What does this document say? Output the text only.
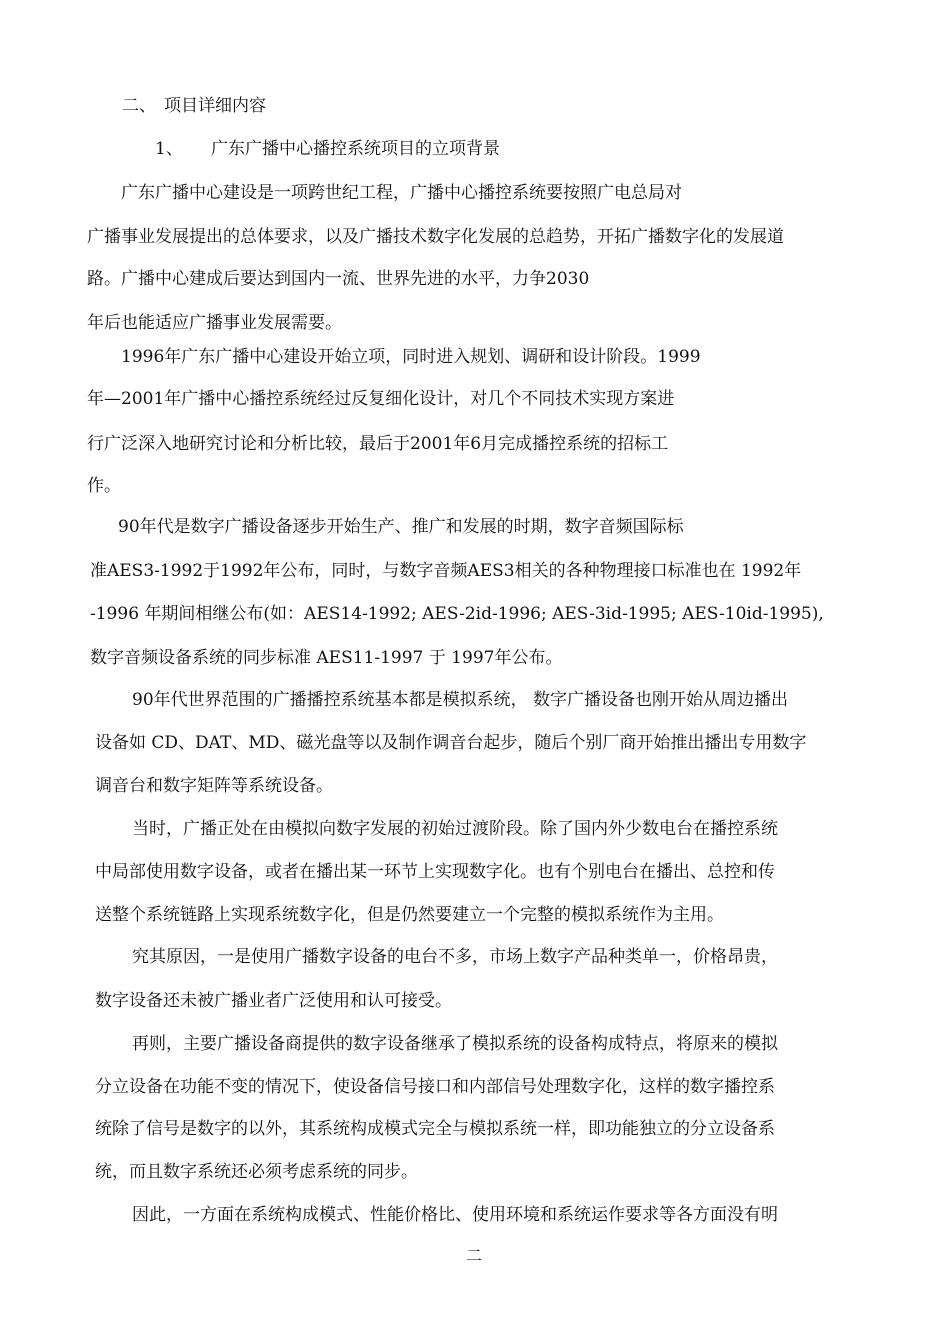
二、 项目详细内容
1、 广东广播中心播控系统项目的立项背景
广东广播中心建设是一项跨世纪工程，广播中心播控系统要按照广电总局对
广播事业发展提出的总体要求，以及广播技术数字化发展的总趋势，开拓广播数字化的发展道
路。广播中心建成后要达到国内一流、世界先进的水平，力争2030
年后也能适应广播事业发展需要。
1996年广东广播中心建设开始立项，同时进入规划、调研和设计阶段。1999
年—2001年广播中心播控系统经过反复细化设计，对几个不同技术实现方案进
行广泛深入地研究讨论和分析比较，最后于2001年6月完成播控系统的招标工
作。
90年代是数字广播设备逐步开始生产、推广和发展的时期，数字音频国际标
准AES3-1992于1992年公布，同时，与数字音频AES3相关的各种物理接口标准也在 1992年
-1996 年期间相继公布(如：AES14-1992; AES-2id-1996; AES-3id-1995; AES-10id-1995),
数字音频设备系统的同步标准 AES11-1997 于 1997年公布。
90年代世界范围的广播播控系统基本都是模拟系统， 数字广播设备也刚开始从周边播出
设备如 CD、DAT、MD、磁光盘等以及制作调音台起步，随后个别厂商开始推出播出专用数字
调音台和数字矩阵等系统设备。
当时，广播正处在由模拟向数字发展的初始过渡阶段。除了国内外少数电台在播控系统
中局部使用数字设备，或者在播出某一环节上实现数字化。也有个别电台在播出、总控和传
送整个系统链路上实现系统数字化，但是仍然要建立一个完整的模拟系统作为主用。
究其原因，一是使用广播数字设备的电台不多，市场上数字产品种类单一，价格昂贵，
数字设备还未被广播业者广泛使用和认可接受。
再则，主要广播设备商提供的数字设备继承了模拟系统的设备构成特点，将原来的模拟
分立设备在功能不变的情况下，使设备信号接口和内部信号处理数字化，这样的数字播控系
统除了信号是数字的以外，其系统构成模式完全与模拟系统一样，即功能独立的分立设备系
统，而且数字系统还必须考虑系统的同步。
因此，一方面在系统构成模式、性能价格比、使用环境和系统运作要求等各方面没有明
二
